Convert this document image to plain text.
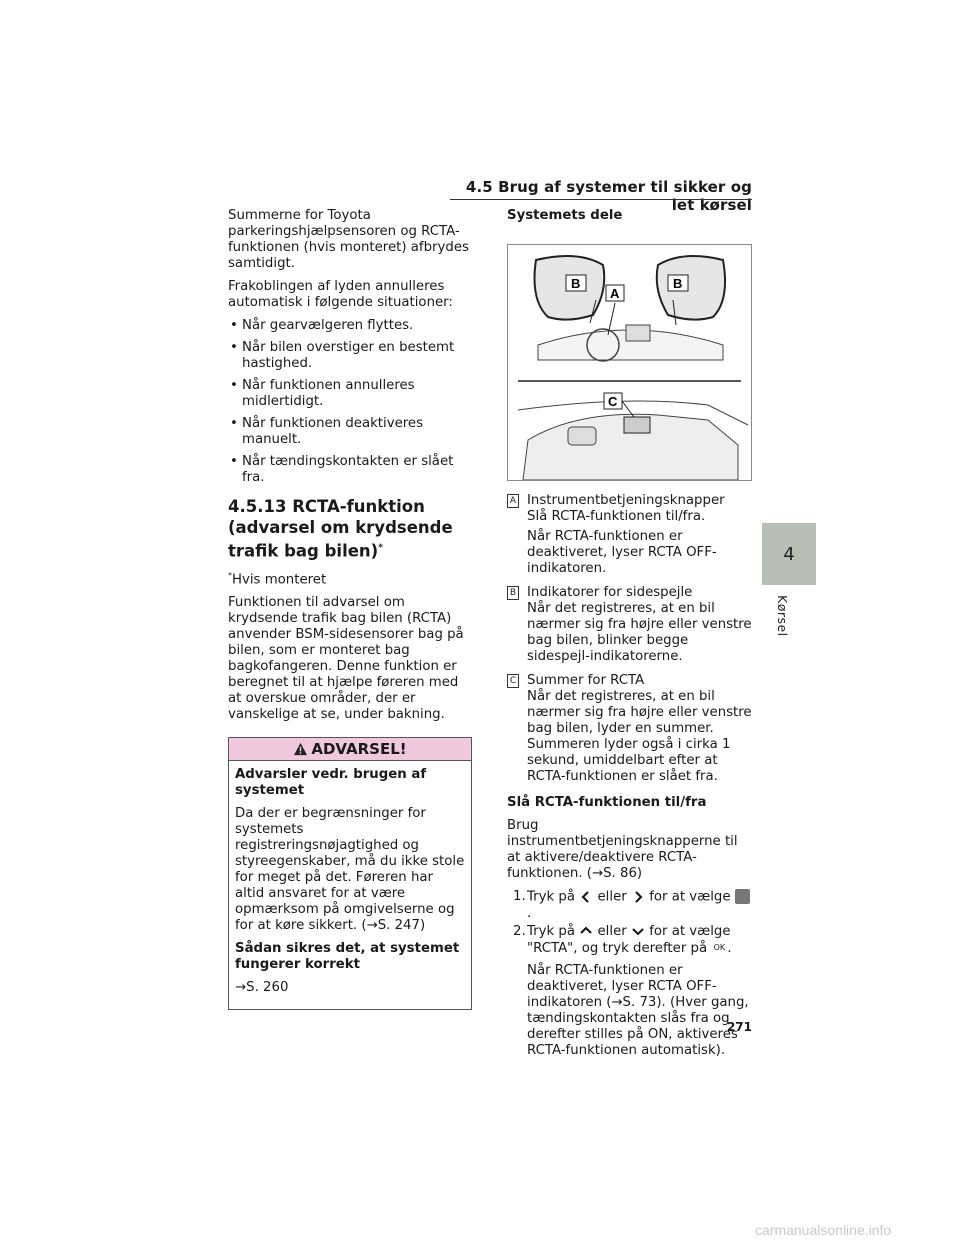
4.5 Brug af systemer til sikker og let kørsel

Summerne for Toyota parkeringshjælpsensoren og RCTA-funktionen (hvis monteret) afbrydes samtidigt.

Frakoblingen af lyden annulleres automatisk i følgende situationer:

• Når gearvælgeren flyttes.
• Når bilen overstiger en bestemt hastighed.
• Når funktionen annulleres midlertidigt.
• Når funktionen deaktiveres manuelt.
• Når tændingskontakten er slået fra.
4.5.13 RCTA-funktion (advarsel om krydsende trafik bag bilen)*

*Hvis monteret

Funktionen til advarsel om krydsende trafik bag bilen (RCTA) anvender BSM-sidesensorer bag på bilen, som er monteret bag bagkofangeren. Denne funktion er beregnet til at hjælpe føreren med at overskue områder, der er vanskelige at se, under bakning.

ADVARSEL!

Advarsler vedr. brugen af systemet

Da der er begrænsninger for systemets registreringsnøjagtighed og styreegenskaber, må du ikke stole for meget på det. Føreren har altid ansvaret for at være opmærksom på omgivelserne og for at køre sikkert. (→S. 247)

Sådan sikres det, at systemet fungerer korrekt

→S. 260

Systemets dele
B
A
B
C
A Instrumentbetjeningsknapper
Slå RCTA-funktionen til/fra.
Når RCTA-funktionen er deaktiveret, lyser RCTA OFF-indikatoren.
B Indikatorer for sidespejle
Når det registreres, at en bil nærmer sig fra højre eller venstre bag bilen, blinker begge sidespejl-indikatorerne.
C Summer for RCTA
Når det registreres, at en bil nærmer sig fra højre eller venstre bag bilen, lyder en summer. Summeren lyder også i cirka 1 sekund, umiddelbart efter at RCTA-funktionen er slået fra.

Slå RCTA-funktionen til/fra

Brug instrumentbetjeningsknapperne til at aktivere/deaktivere RCTA-funktionen. (→S. 86)

1. Tryk på eller for at vælge .
2. Tryk på eller for at vælge
"RCTA", og tryk derefter på OK .

Når RCTA-funktionen er deaktiveret, lyser RCTA OFF-indikatoren (→S. 73). (Hver gang, tændingskontakten slås fra og derefter stilles på ON, aktiveres RCTA-funktionen automatisk).

4
Kørsel
271
carmanualsonline.info
